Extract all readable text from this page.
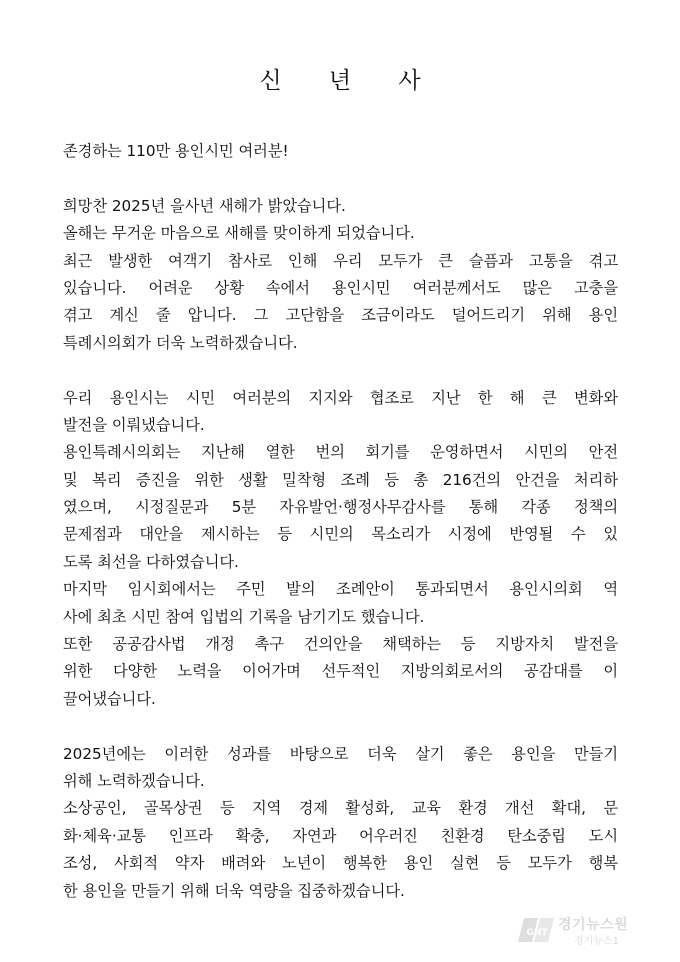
신 년 사
존경하는 110만 용인시민 여러분!
희망찬 2025년 을사년 새해가 밝았습니다.
올해는 무거운 마음으로 새해를 맞이하게 되었습니다.
최근 발생한 여객기 참사로 인해 우리 모두가 큰 슬픔과 고통을 겪고
있습니다. 어려운 상황 속에서 용인시민 여러분께서도 많은 고충을
겪고 계신 줄 압니다. 그 고단함을 조금이라도 덜어드리기 위해 용인
특례시의회가 더욱 노력하겠습니다.
우리 용인시는 시민 여러분의 지지와 협조로 지난 한 해 큰 변화와
발전을 이뤄냈습니다.
용인특례시의회는 지난해 열한 번의 회기를 운영하면서 시민의 안전
및 복리 증진을 위한 생활 밀착형 조례 등 총 216건의 안건을 처리하
였으며, 시정질문과 5분 자유발언·행정사무감사를 통해 각종 정책의
문제점과 대안을 제시하는 등 시민의 목소리가 시정에 반영될 수 있
도록 최선을 다하였습니다.
마지막 임시회에서는 주민 발의 조례안이 통과되면서 용인시의회 역
사에 최초 시민 참여 입법의 기록을 남기기도 했습니다.
또한 공공감사법 개정 촉구 건의안을 채택하는 등 지방자치 발전을
위한 다양한 노력을 이어가며 선두적인 지방의회로서의 공감대를 이
끌어냈습니다.
2025년에는 이러한 성과를 바탕으로 더욱 살기 좋은 용인을 만들기
위해 노력하겠습니다.
소상공인, 골목상권 등 지역 경제 활성화, 교육 환경 개선 확대, 문
화·체육·교통 인프라 확충, 자연과 어우러진 친환경 탄소중립 도시
조성, 사회적 약자 배려와 노년이 행복한 용인 실현 등 모두가 행복
한 용인을 만들기 위해 더욱 역량을 집중하겠습니다.
GNT 경기뉴스원
경기뉴스1
